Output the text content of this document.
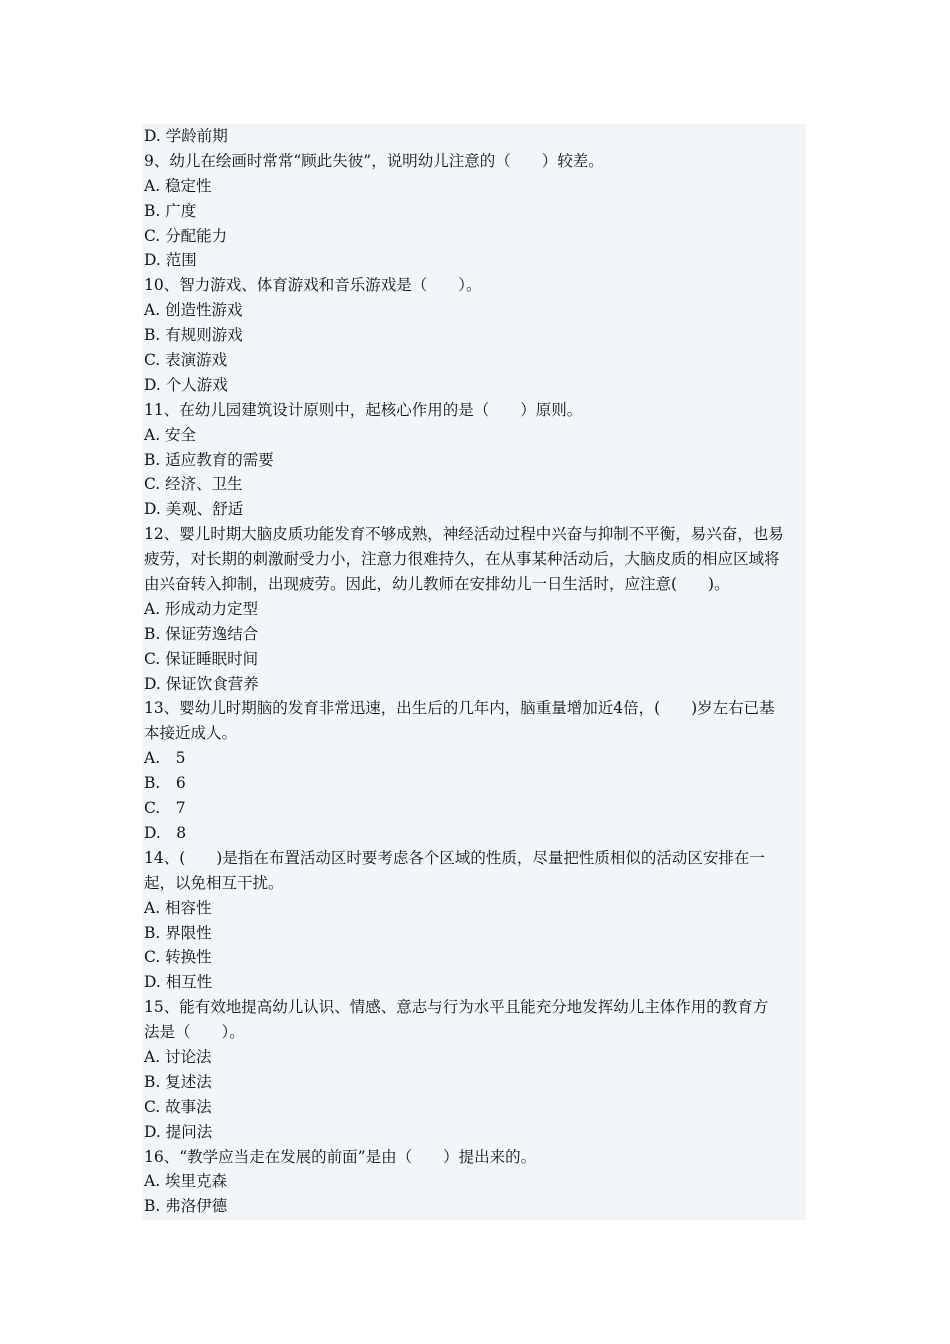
D. 学龄前期
9、幼儿在绘画时常常“顾此失彼”，说明幼儿注意的（　　）较差。
A. 稳定性
B. 广度
C. 分配能力
D. 范围
10、智力游戏、体育游戏和音乐游戏是（　　）。
A. 创造性游戏
B. 有规则游戏
C. 表演游戏
D. 个人游戏
11、在幼儿园建筑设计原则中，起核心作用的是（　　）原则。
A. 安全
B. 适应教育的需要
C. 经济、卫生
D. 美观、舒适
12、婴儿时期大脑皮质功能发育不够成熟，神经活动过程中兴奋与抑制不平衡，易兴奋，也易
疲劳，对长期的刺激耐受力小，注意力很难持久，在从事某种活动后，大脑皮质的相应区域将
由兴奋转入抑制，出现疲劳。因此，幼儿教师在安排幼儿一日生活时，应注意(　　)。
A. 形成动力定型
B. 保证劳逸结合
C. 保证睡眠时间
D. 保证饮食营养
13、婴幼儿时期脑的发育非常迅速，出生后的几年内，脑重量增加近4倍，(　　)岁左右已基
本接近成人。
A.　5
B.　6
C.　7
D.　8
14、(　　)是指在布置活动区时要考虑各个区域的性质，尽量把性质相似的活动区安排在一
起，以免相互干扰。
A. 相容性
B. 界限性
C. 转换性
D. 相互性
15、能有效地提高幼儿认识、情感、意志与行为水平且能充分地发挥幼儿主体作用的教育方
法是（　　）。
A. 讨论法
B. 复述法
C. 故事法
D. 提问法
16、“教学应当走在发展的前面”是由（　　）提出来的。
A. 埃里克森
B. 弗洛伊德
